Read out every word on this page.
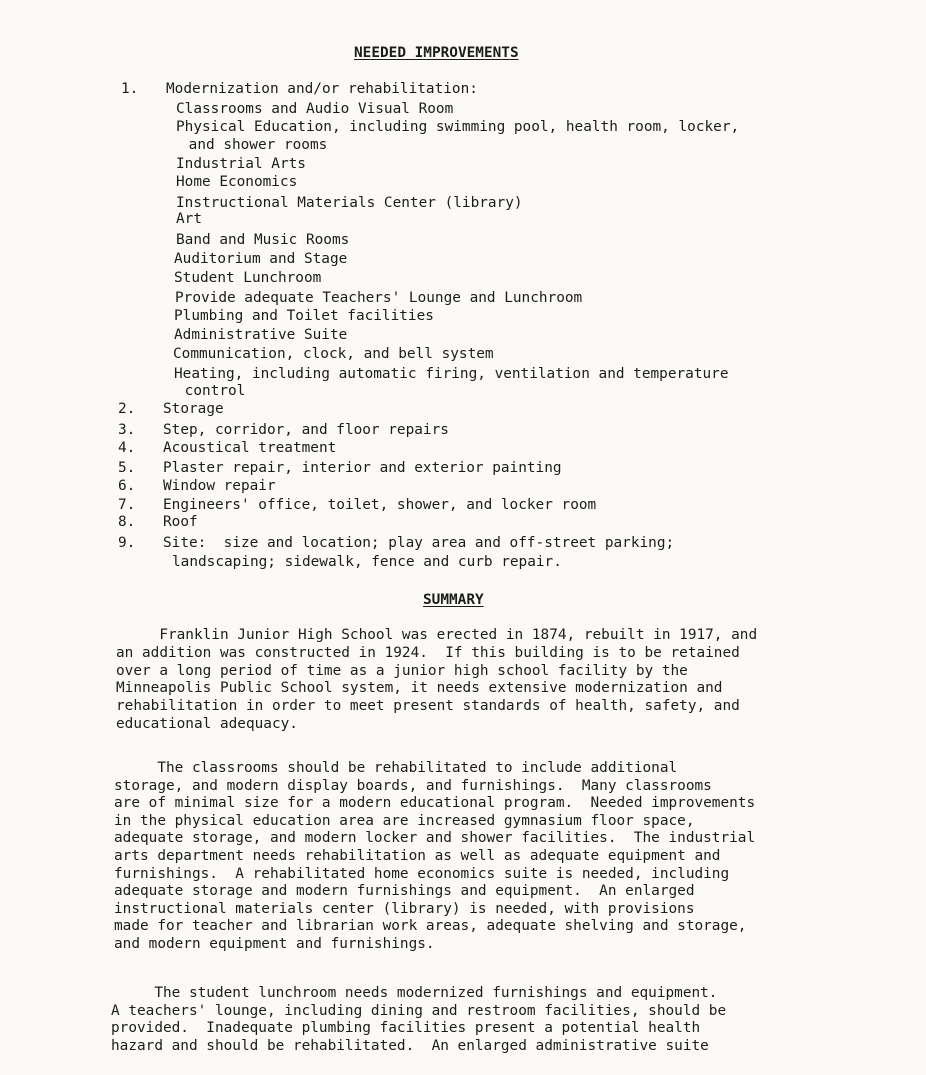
NEEDED IMPROVEMENTS
1. Modernization and/or rehabilitation:
Classrooms and Audio Visual Room
Physical Education, including swimming pool, health room, locker,
and shower rooms
Industrial Arts
Home Economics
Instructional Materials Center (library)
Art
Band and Music Rooms
Auditorium and Stage
Student Lunchroom
Provide adequate Teachers' Lounge and Lunchroom
Plumbing and Toilet facilities
Administrative Suite
Communication, clock, and bell system
Heating, including automatic firing, ventilation and temperature
control
2. Storage
3. Step, corridor, and floor repairs
4. Acoustical treatment
5. Plaster repair, interior and exterior painting
6. Window repair
7. Engineers' office, toilet, shower, and locker room
8. Roof
9. Site:  size and location; play area and off-street parking;
landscaping; sidewalk, fence and curb repair.
SUMMARY
Franklin Junior High School was erected in 1874, rebuilt in 1917, and
an addition was constructed in 1924.  If this building is to be retained
over a long period of time as a junior high school facility by the
Minneapolis Public School system, it needs extensive modernization and
rehabilitation in order to meet present standards of health, safety, and
educational adequacy.
The classrooms should be rehabilitated to include additional
storage, and modern display boards, and furnishings.  Many classrooms
are of minimal size for a modern educational program.  Needed improvements
in the physical education area are increased gymnasium floor space,
adequate storage, and modern locker and shower facilities.  The industrial
arts department needs rehabilitation as well as adequate equipment and
furnishings.  A rehabilitated home economics suite is needed, including
adequate storage and modern furnishings and equipment.  An enlarged
instructional materials center (library) is needed, with provisions
made for teacher and librarian work areas, adequate shelving and storage,
and modern equipment and furnishings.
The student lunchroom needs modernized furnishings and equipment.
A teachers' lounge, including dining and restroom facilities, should be
provided.  Inadequate plumbing facilities present a potential health
hazard and should be rehabilitated.  An enlarged administrative suite
